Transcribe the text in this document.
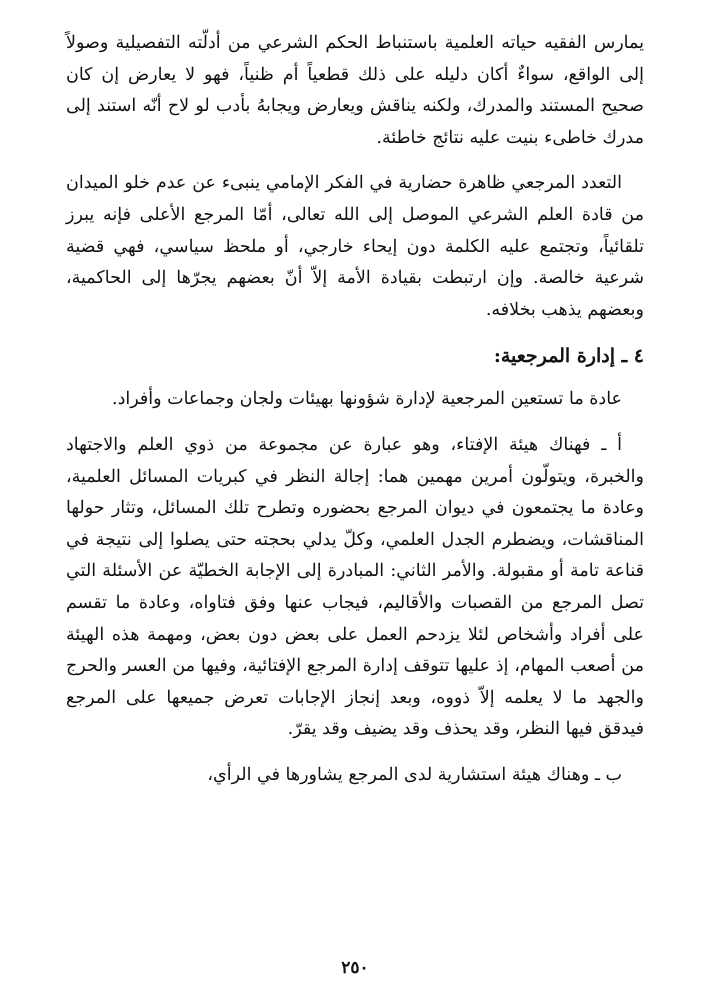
يمارس الفقيه حياته العلمية باستنباط الحكم الشرعي من أدلّته التفصيلية وصولاً إلى الواقع، سواءٌ أكان دليله على ذلك قطعياً أم ظنياً، فهو لا يعارض إن كان صحيح المستند والمدرك، ولكنه يناقش ويعارض ويجابهُ بأدب لو لاح أنّه استند إلى مدرك خاطىء بنيت عليه نتائج خاطئة.

التعدد المرجعي ظاهرة حضارية في الفكر الإمامي ينبىء عن عدم خلو الميدان من قادة العلم الشرعي الموصل إلى الله تعالى، أمّا المرجع الأعلى فإنه يبرز تلقائياً، وتجتمع عليه الكلمة دون إيحاء خارجي، أو ملحظ سياسي، فهي قضية شرعية خالصة. وإن ارتبطت بقيادة الأمة إلاّ أنّ بعضهم يجرّها إلى الحاكمية، وبعضهم يذهب بخلافه.

٤ ـ إدارة المرجعية:

عادة ما تستعين المرجعية لإدارة شؤونها بهيئات ولجان وجماعات وأفراد.

أ ـ فهناك هيئة الإفتاء، وهو عبارة عن مجموعة من ذوي العلم والاجتهاد والخبرة، ويتولّون أمرين مهمين هما: إجالة النظر في كبريات المسائل العلمية، وعادة ما يجتمعون في ديوان المرجع بحضوره وتطرح تلك المسائل، وتثار حولها المناقشات، ويضطرم الجدل العلمي، وكلّ يدلي بحجته حتى يصلوا إلى نتيجة في قناعة تامة أو مقبولة. والأمر الثاني: المبادرة إلى الإجابة الخطيّة عن الأسئلة التي تصل المرجع من القصبات والأقاليم، فيجاب عنها وفق فتاواه، وعادة ما تقسم على أفراد وأشخاص لئلا يزدحم العمل على بعض دون بعض، ومهمة هذه الهيئة من أصعب المهام، إذ عليها تتوقف إدارة المرجع الإفتائية، وفيها من العسر والحرج والجهد ما لا يعلمه إلاّ ذووه، وبعد إنجاز الإجابات تعرض جميعها على المرجع فيدقق فيها النظر، وقد يحذف وقد يضيف وقد يقرّ.

ب ـ وهناك هيئة استشارية لدى المرجع يشاورها في الرأي،

٢٥٠
